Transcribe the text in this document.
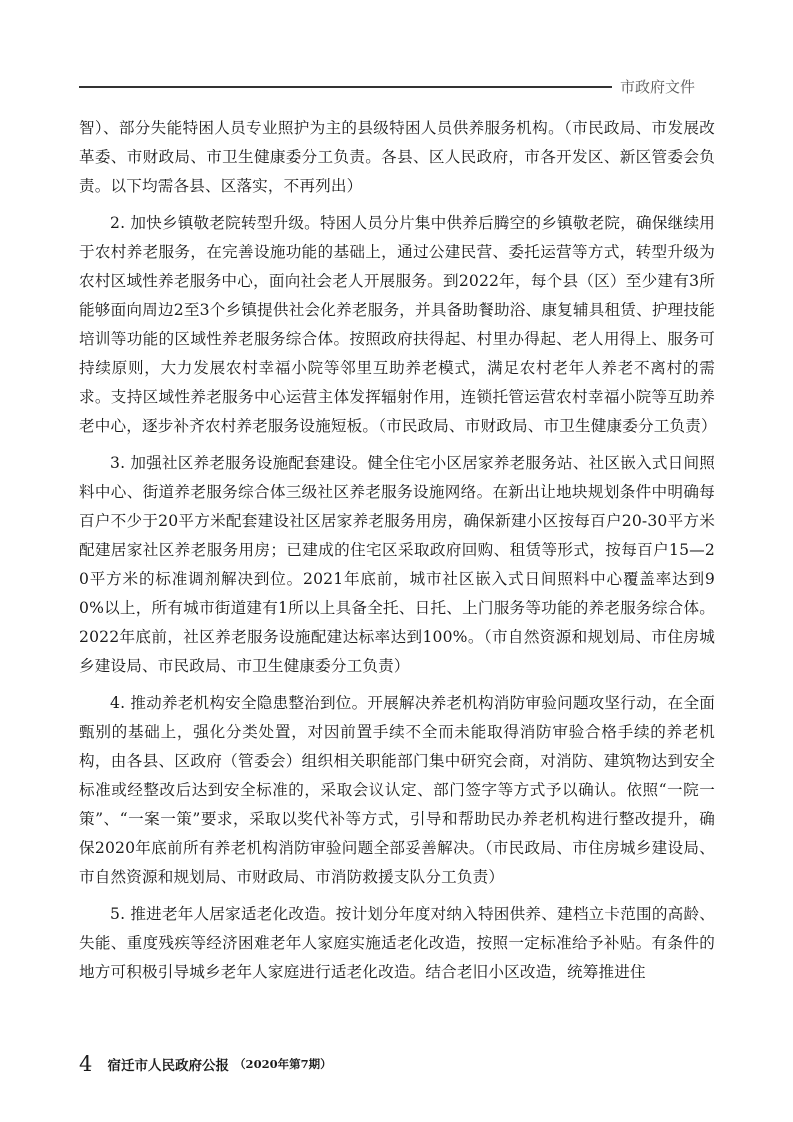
市政府文件

智）、部分失能特困人员专业照护为主的县级特困人员供养服务机构。（市民政局、市发展改革委、市财政局、市卫生健康委分工负责。各县、区人民政府，市各开发区、新区管委会负责。以下均需各县、区落实，不再列出）

2. 加快乡镇敬老院转型升级。特困人员分片集中供养后腾空的乡镇敬老院，确保继续用于农村养老服务，在完善设施功能的基础上，通过公建民营、委托运营等方式，转型升级为农村区域性养老服务中心，面向社会老人开展服务。到2022年，每个县（区）至少建有3所能够面向周边2至3个乡镇提供社会化养老服务，并具备助餐助浴、康复辅具租赁、护理技能培训等功能的区域性养老服务综合体。按照政府扶得起、村里办得起、老人用得上、服务可持续原则，大力发展农村幸福小院等邻里互助养老模式，满足农村老年人养老不离村的需求。支持区域性养老服务中心运营主体发挥辐射作用，连锁托管运营农村幸福小院等互助养老中心，逐步补齐农村养老服务设施短板。（市民政局、市财政局、市卫生健康委分工负责）

3. 加强社区养老服务设施配套建设。健全住宅小区居家养老服务站、社区嵌入式日间照料中心、街道养老服务综合体三级社区养老服务设施网络。在新出让地块规划条件中明确每百户不少于20平方米配套建设社区居家养老服务用房，确保新建小区按每百户20-30平方米配建居家社区养老服务用房；已建成的住宅区采取政府回购、租赁等形式，按每百户15—20平方米的标准调剂解决到位。2021年底前，城市社区嵌入式日间照料中心覆盖率达到90%以上，所有城市街道建有1所以上具备全托、日托、上门服务等功能的养老服务综合体。2022年底前，社区养老服务设施配建达标率达到100%。（市自然资源和规划局、市住房城乡建设局、市民政局、市卫生健康委分工负责）

4. 推动养老机构安全隐患整治到位。开展解决养老机构消防审验问题攻坚行动，在全面甄别的基础上，强化分类处置，对因前置手续不全而未能取得消防审验合格手续的养老机构，由各县、区政府（管委会）组织相关职能部门集中研究会商，对消防、建筑物达到安全标准或经整改后达到安全标准的，采取会议认定、部门签字等方式予以确认。依照“一院一策”、“一案一策”要求，采取以奖代补等方式，引导和帮助民办养老机构进行整改提升，确保2020年底前所有养老机构消防审验问题全部妥善解决。（市民政局、市住房城乡建设局、市自然资源和规划局、市财政局、市消防救援支队分工负责）

5. 推进老年人居家适老化改造。按计划分年度对纳入特困供养、建档立卡范围的高龄、失能、重度残疾等经济困难老年人家庭实施适老化改造，按照一定标准给予补贴。有条件的地方可积极引导城乡老年人家庭进行适老化改造。结合老旧小区改造，统筹推进住

4 宿迁市人民政府公报 （2020年第7期）
